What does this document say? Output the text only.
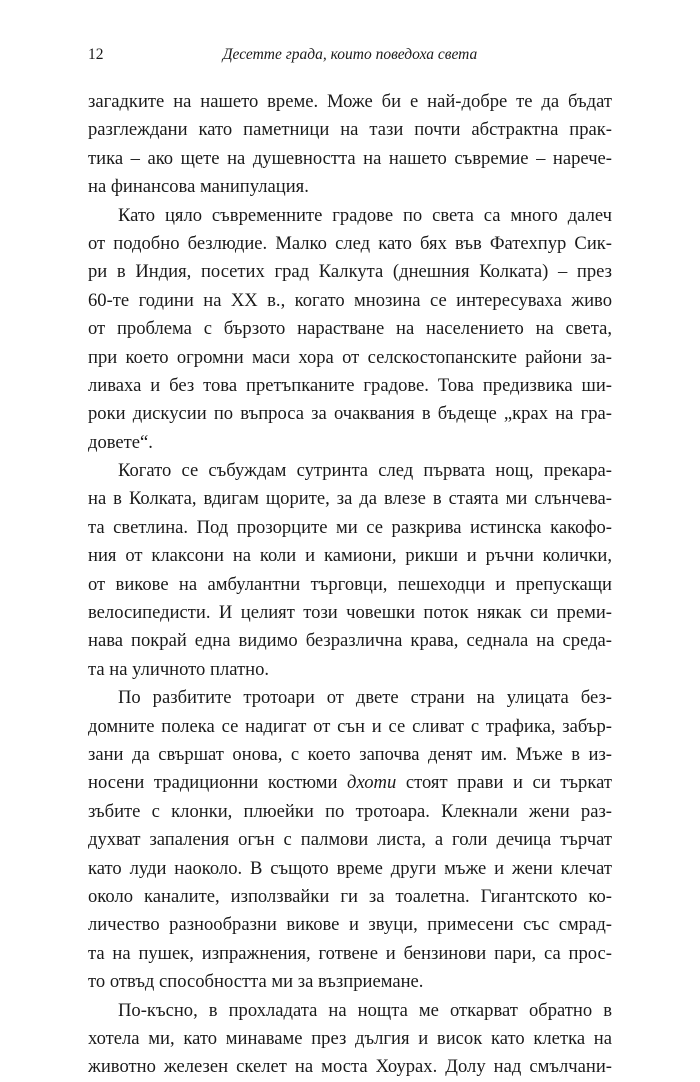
12	Десетте града, които поведоха света
загадките на нашето време. Може би е най-добре те да бъдат
разглеждани като паметници на тази почти абстрактна прак-
тика – ако щете на душевността на нашето съвремие – нарече-
на финансова манипулация.
Като цяло съвременните градове по света са много далеч
от подобно безлюдие. Малко след като бях във Фатехпур Сик-
ри в Индия, посетих град Калкута (днешния Колката) – през
60-те години на XX в., когато мнозина се интересуваха живо
от проблема с бързото нарастване на населението на света,
при което огромни маси хора от селскостопанските райони за-
ливаха и без това претъпканите градове. Това предизвика ши-
роки дискусии по въпроса за очаквания в бъдеще „крах на гра-
довете“.
Когато се събуждам сутринта след първата нощ, прекара-
на в Колката, вдигам щорите, за да влезе в стаята ми слънчева-
та светлина. Под прозорците ми се разкрива истинска какофо-
ния от клаксони на коли и камиони, рикши и ръчни колички,
от викове на амбулантни търговци, пешеходци и препускащи
велосипедисти. И целият този човешки поток някак си преми-
нава покрай една видимо безразлична крава, седнала на среда-
та на уличното платно.
По разбитите тротоари от двете страни на улицата без-
домните полека се надигат от сън и се сливат с трафика, забър-
зани да свършат онова, с което започва денят им. Мъже в из-
носени традиционни костюми дхоти стоят прави и си търкат
зъбите с клонки, плюейки по тротоара. Клекнали жени раз-
духват запаления огън с палмови листа, а голи дечица търчат
като луди наоколо. В същото време други мъже и жени клечат
около каналите, използвайки ги за тоалетна. Гигантското ко-
личество разнообразни викове и звуци, примесени със смрад-
та на пушек, изпражнения, готвене и бензинови пари, са прос-
то отвъд способността ми за възприемане.
По-късно, в прохладата на нощта ме откарват обратно в
хотела ми, като минаваме през дългия и висок като клетка на
животно железен скелет на моста Хоурах. Долу над смълчани-
